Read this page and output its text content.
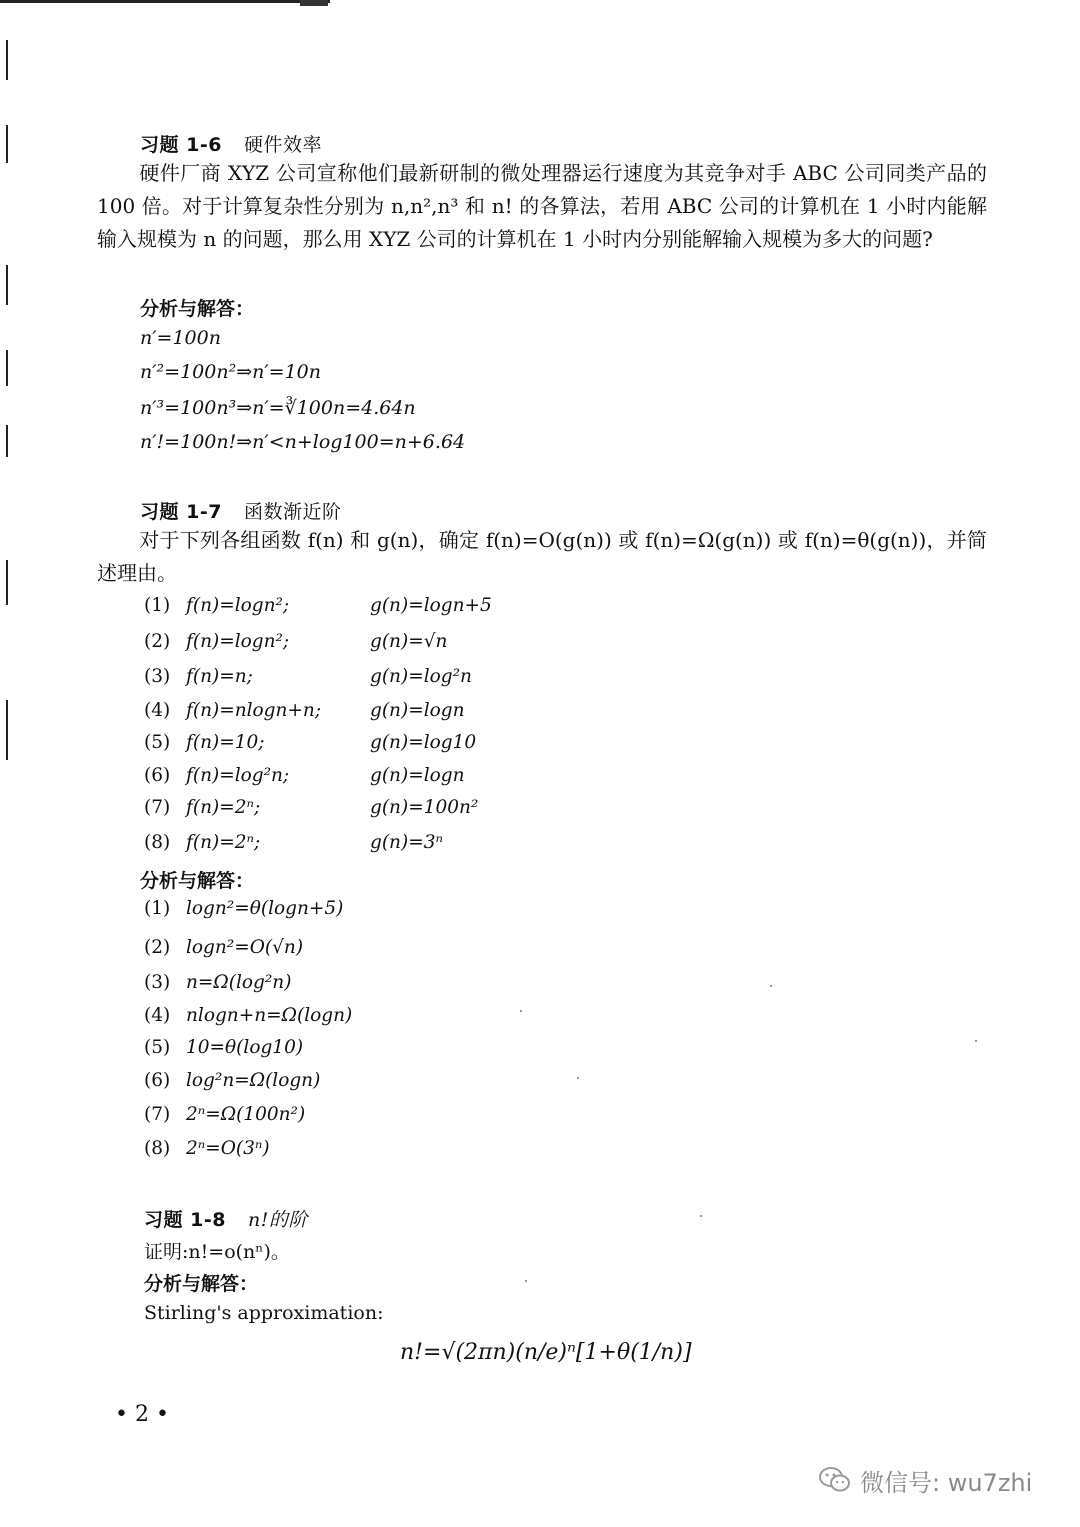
习题 1-6 硬件效率
硬件厂商 XYZ 公司宣称他们最新研制的微处理器运行速度为其竞争对手 ABC 公司同类产品的 100 倍。对于计算复杂性分别为 n,n²,n³ 和 n! 的各算法，若用 ABC 公司的计算机在 1 小时内能解输入规模为 n 的问题，那么用 XYZ 公司的计算机在 1 小时内分别能解输入规模为多大的问题?
分析与解答：
n′=100n
n′²=100n²⇒n′=10n
n′³=100n³⇒n′=∛100n=4.64n
n′!=100n!⇒n′<n+log100=n+6.64
习题 1-7 函数渐近阶
对于下列各组函数 f(n) 和 g(n)，确定 f(n)=O(g(n)) 或 f(n)=Ω(g(n)) 或 f(n)=θ(g(n))，并简述理由。
(1) f(n)=logn²;	g(n)=logn+5
(2) f(n)=logn²;	g(n)=√n
(3) f(n)=n;	g(n)=log²n
(4) f(n)=nlogn+n;	g(n)=logn
(5) f(n)=10;	g(n)=log10
(6) f(n)=log²n;	g(n)=logn
(7) f(n)=2ⁿ;	g(n)=100n²
(8) f(n)=2ⁿ;	g(n)=3ⁿ
分析与解答：
(1) logn²=θ(logn+5)
(2) logn²=O(√n)
(3) n=Ω(log²n)
(4) nlogn+n=Ω(logn)
(5) 10=θ(log10)
(6) log²n=Ω(logn)
(7) 2ⁿ=Ω(100n²)
(8) 2ⁿ=O(3ⁿ)
习题 1-8 n!的阶
证明:n!=o(nⁿ)。
分析与解答：
Stirling's approximation:
n!=√(2πn)(n/e)ⁿ[1+θ(1/n)]
• 2 •
微信号: wu7zhi
